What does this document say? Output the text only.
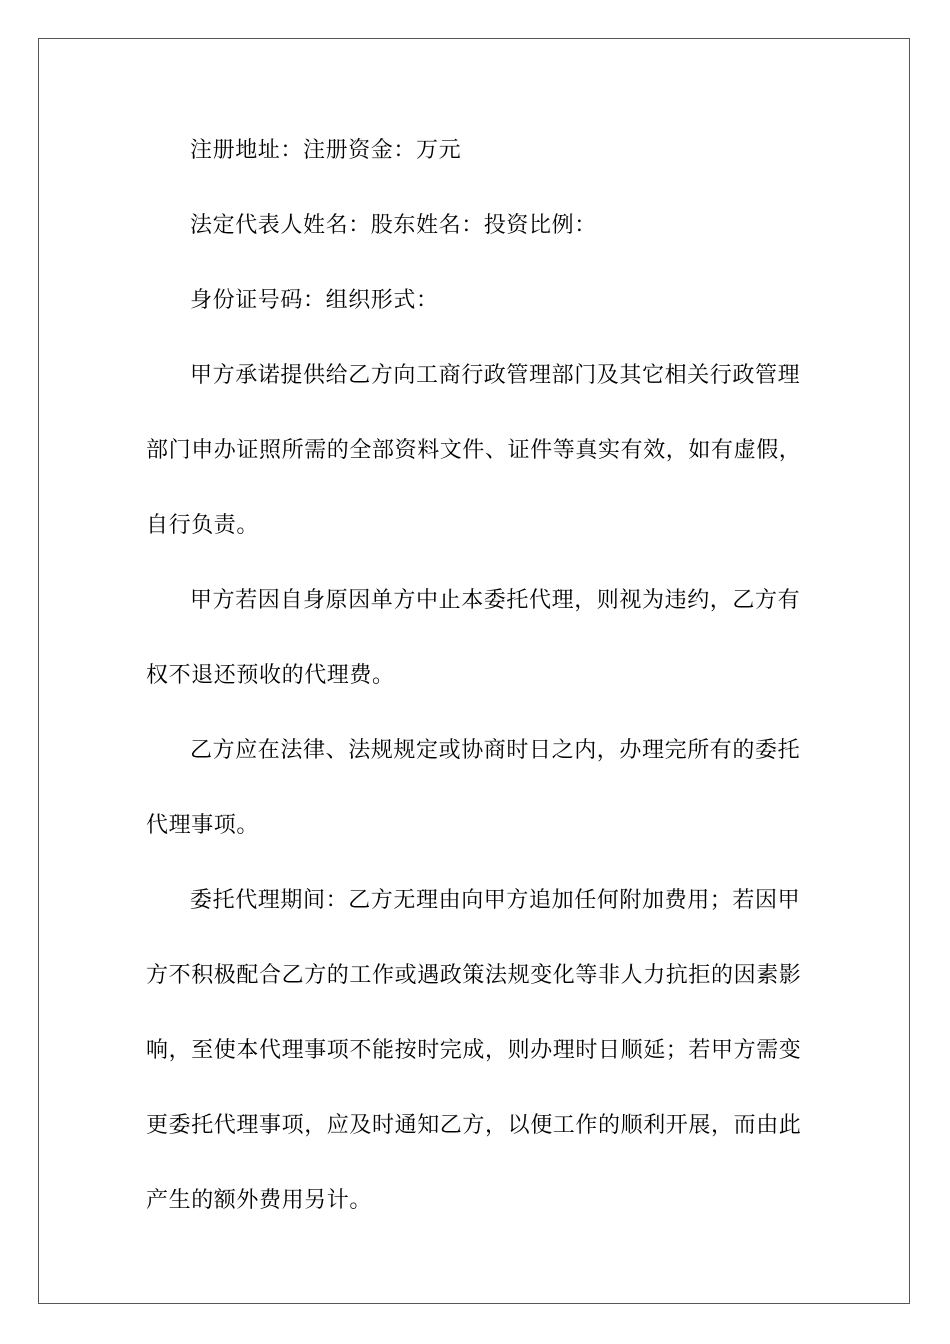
注册地址：注册资金：万元
法定代表人姓名：股东姓名：投资比例：
身份证号码：组织形式：
甲方承诺提供给乙方向工商行政管理部门及其它相关行政管理
部门申办证照所需的全部资料文件、证件等真实有效，如有虚假，
自行负责。
甲方若因自身原因单方中止本委托代理，则视为违约，乙方有
权不退还预收的代理费。
乙方应在法律、法规规定或协商时日之内，办理完所有的委托
代理事项。
委托代理期间：乙方无理由向甲方追加任何附加费用；若因甲
方不积极配合乙方的工作或遇政策法规变化等非人力抗拒的因素影
响，至使本代理事项不能按时完成，则办理时日顺延；若甲方需变
更委托代理事项，应及时通知乙方，以便工作的顺利开展，而由此
产生的额外费用另计。
